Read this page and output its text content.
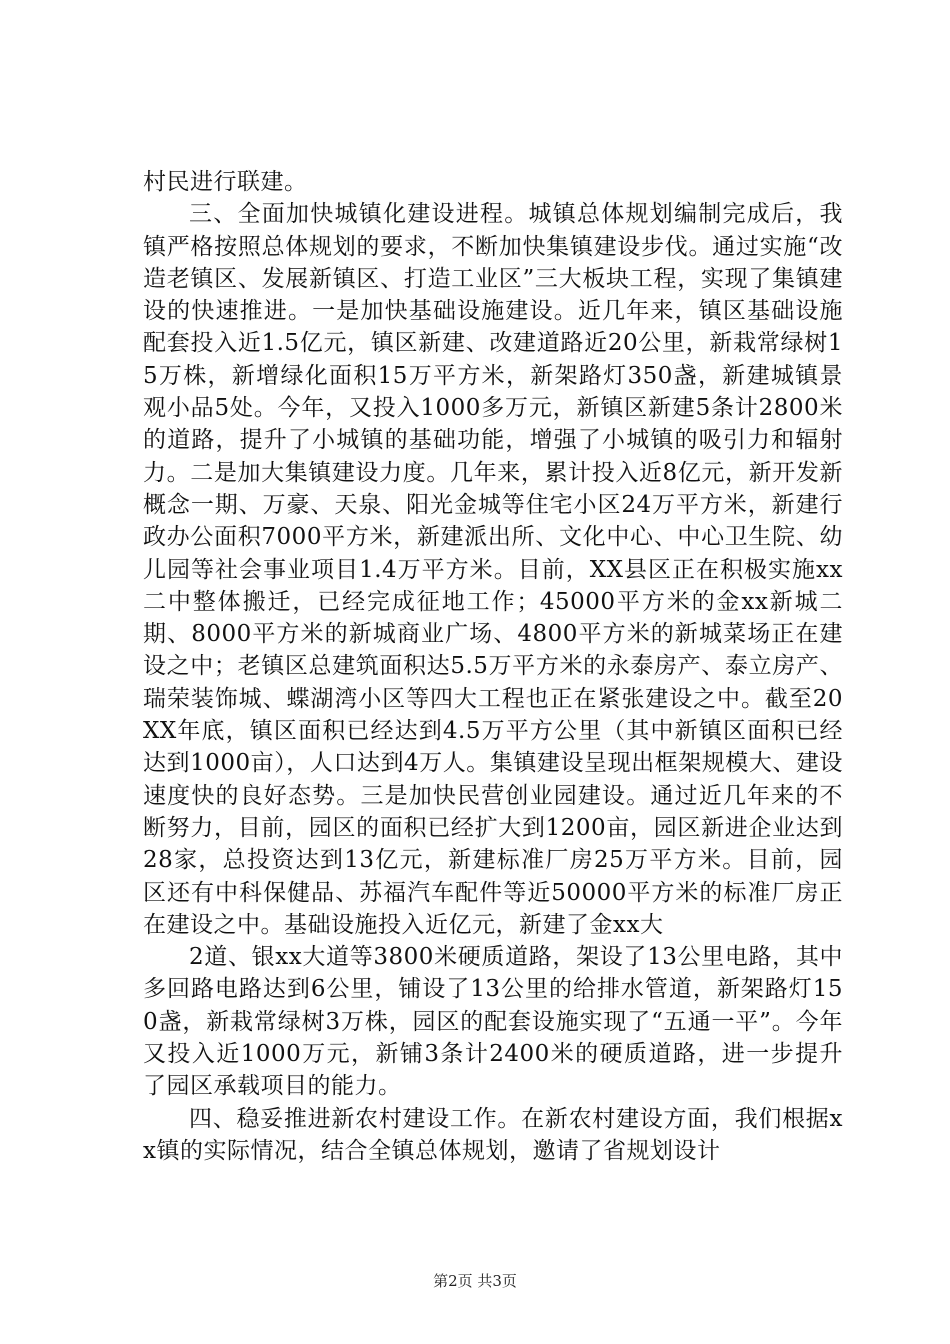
村民进行联建。

三、全面加快城镇化建设进程。城镇总体规划编制完成后，我镇严格按照总体规划的要求，不断加快集镇建设步伐。通过实施“改造老镇区、发展新镇区、打造工业区”三大板块工程，实现了集镇建设的快速推进。一是加快基础设施建设。近几年来，镇区基础设施配套投入近1.5亿元，镇区新建、改建道路近20公里，新栽常绿树15万株，新增绿化面积15万平方米，新架路灯350盏，新建城镇景观小品5处。今年，又投入1000多万元，新镇区新建5条计2800米的道路，提升了小城镇的基础功能，增强了小城镇的吸引力和辐射力。二是加大集镇建设力度。几年来，累计投入近8亿元，新开发新概念一期、万豪、天泉、阳光金城等住宅小区24万平方米，新建行政办公面积7000平方米，新建派出所、文化中心、中心卫生院、幼儿园等社会事业项目1.4万平方米。目前，XX县区正在积极实施xx二中整体搬迁，已经完成征地工作；45000平方米的金xx新城二期、8000平方米的新城商业广场、4800平方米的新城菜场正在建设之中；老镇区总建筑面积达5.5万平方米的永泰房产、泰立房产、瑞荣装饰城、蝶湖湾小区等四大工程也正在紧张建设之中。截至20XX年底，镇区面积已经达到4.5万平方公里（其中新镇区面积已经达到1000亩），人口达到4万人。集镇建设呈现出框架规模大、建设速度快的良好态势。三是加快民营创业园建设。通过近几年来的不断努力，目前，园区的面积已经扩大到1200亩，园区新进企业达到28家，总投资达到13亿元，新建标准厂房25万平方米。目前，园区还有中科保健品、苏福汽车配件等近50000平方米的标准厂房正在建设之中。基础设施投入近亿元，新建了金xx大

2道、银xx大道等3800米硬质道路，架设了13公里电路，其中多回路电路达到6公里，铺设了13公里的给排水管道，新架路灯150盏，新栽常绿树3万株，园区的配套设施实现了“五通一平”。今年又投入近1000万元，新铺3条计2400米的硬质道路，进一步提升了园区承载项目的能力。

四、稳妥推进新农村建设工作。在新农村建设方面，我们根据xx镇的实际情况，结合全镇总体规划，邀请了省规划设计

第2页 共3页
